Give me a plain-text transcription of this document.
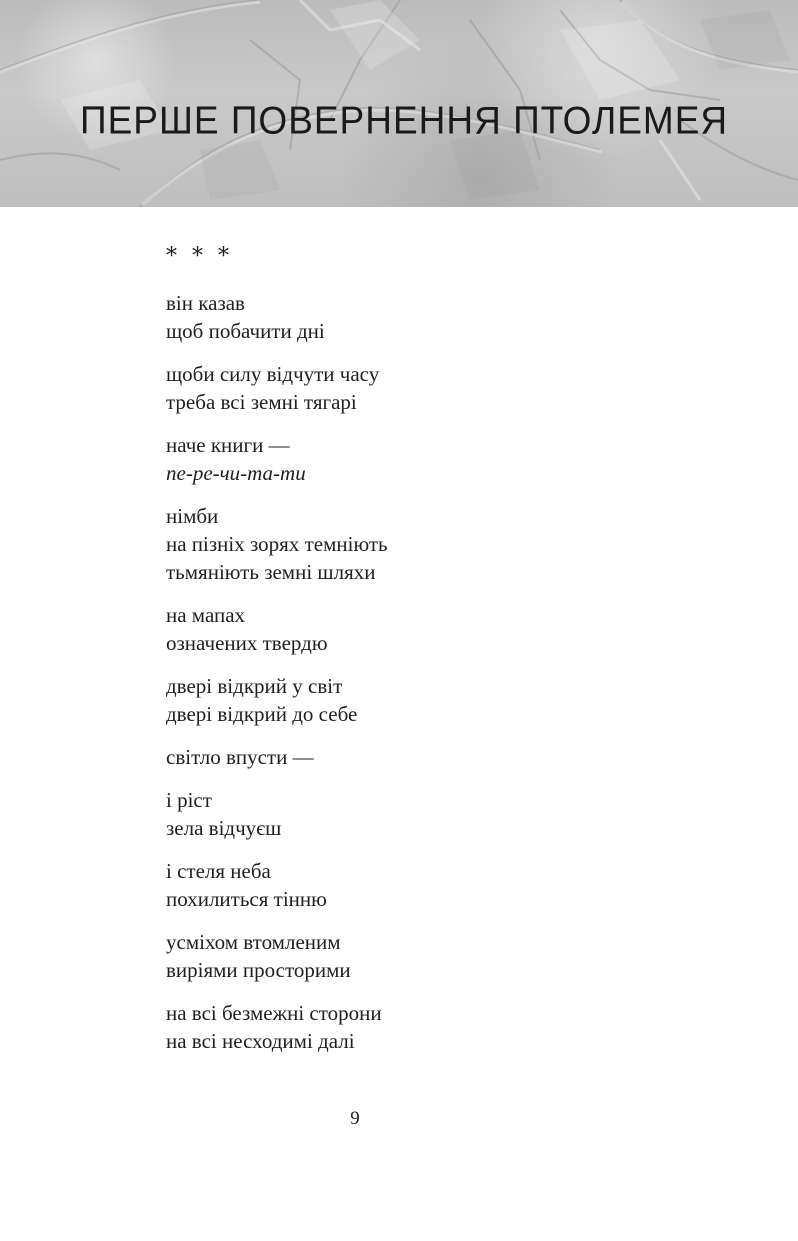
ПЕРШЕ ПОВЕРНЕННЯ ПТОЛЕМЕЯ
* * *
він казав
щоб побачити дні
щоби силу відчути часу
треба всі земні тягарі
наче книги —
пе-ре-чи-та-ти
німби
на пізніх зорях темніють
тьмяніють земні шляхи
на мапах
означених твердю
двері відкрий у світ
двері відкрий до себе
світло впусти —
і ріст
зела відчуєш
і стеля неба
похилиться тінню
усміхом втомленим
виріями просторими
на всі безмежні сторони
на всі несходимі далі
9
